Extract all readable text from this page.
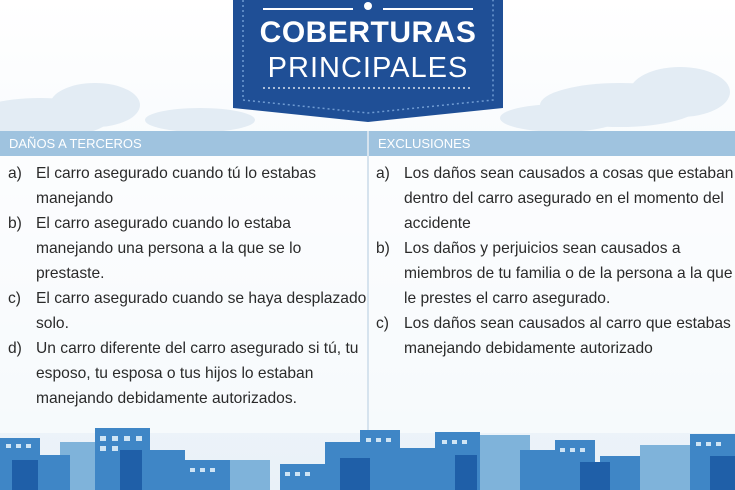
COBERTURAS
PRINCIPALES
DAÑOS A TERCEROS
a) El carro asegurado cuando tú lo estabas manejando
b) El carro asegurado cuando lo estaba manejando una persona a la que se lo prestaste.
c) El carro asegurado cuando se haya desplazado solo.
d) Un carro diferente del carro asegurado si tú, tu esposo, tu esposa o tus hijos lo estaban manejando debidamente autorizados.
EXCLUSIONES
a) Los daños sean causados a cosas que estaban dentro del carro asegurado en el momento del accidente
b) Los daños y perjuicios sean causados a miembros de tu familia o de la persona a la que le prestes el carro asegurado.
c) Los daños sean causados al carro que estabas manejando debidamente autorizado
